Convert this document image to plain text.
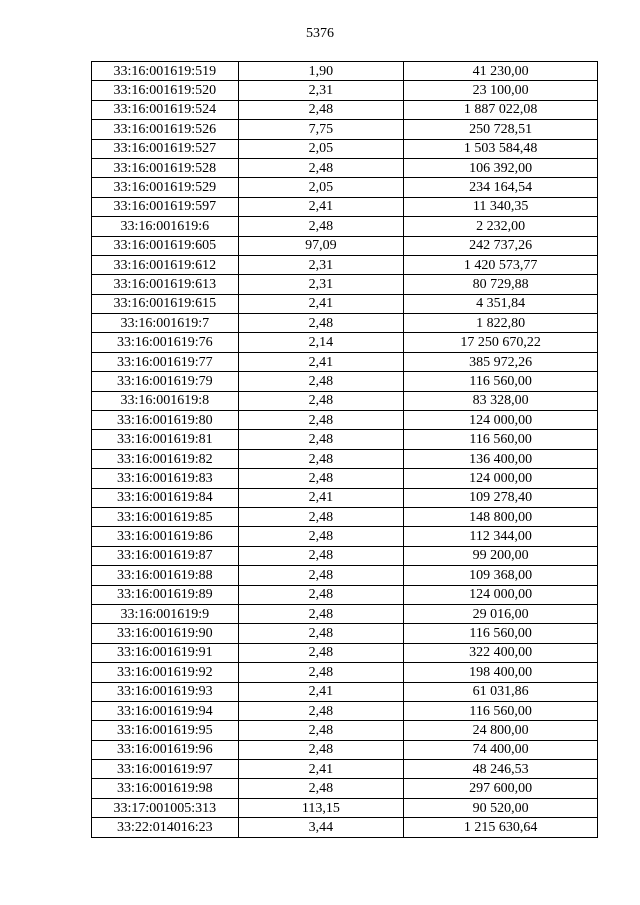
5376
33:16:001619:519	1,90	41 230,00
33:16:001619:520	2,31	23 100,00
33:16:001619:524	2,48	1 887 022,08
33:16:001619:526	7,75	250 728,51
33:16:001619:527	2,05	1 503 584,48
33:16:001619:528	2,48	106 392,00
33:16:001619:529	2,05	234 164,54
33:16:001619:597	2,41	11 340,35
33:16:001619:6	2,48	2 232,00
33:16:001619:605	97,09	242 737,26
33:16:001619:612	2,31	1 420 573,77
33:16:001619:613	2,31	80 729,88
33:16:001619:615	2,41	4 351,84
33:16:001619:7	2,48	1 822,80
33:16:001619:76	2,14	17 250 670,22
33:16:001619:77	2,41	385 972,26
33:16:001619:79	2,48	116 560,00
33:16:001619:8	2,48	83 328,00
33:16:001619:80	2,48	124 000,00
33:16:001619:81	2,48	116 560,00
33:16:001619:82	2,48	136 400,00
33:16:001619:83	2,48	124 000,00
33:16:001619:84	2,41	109 278,40
33:16:001619:85	2,48	148 800,00
33:16:001619:86	2,48	112 344,00
33:16:001619:87	2,48	99 200,00
33:16:001619:88	2,48	109 368,00
33:16:001619:89	2,48	124 000,00
33:16:001619:9	2,48	29 016,00
33:16:001619:90	2,48	116 560,00
33:16:001619:91	2,48	322 400,00
33:16:001619:92	2,48	198 400,00
33:16:001619:93	2,41	61 031,86
33:16:001619:94	2,48	116 560,00
33:16:001619:95	2,48	24 800,00
33:16:001619:96	2,48	74 400,00
33:16:001619:97	2,41	48 246,53
33:16:001619:98	2,48	297 600,00
33:17:001005:313	113,15	90 520,00
33:22:014016:23	3,44	1 215 630,64
